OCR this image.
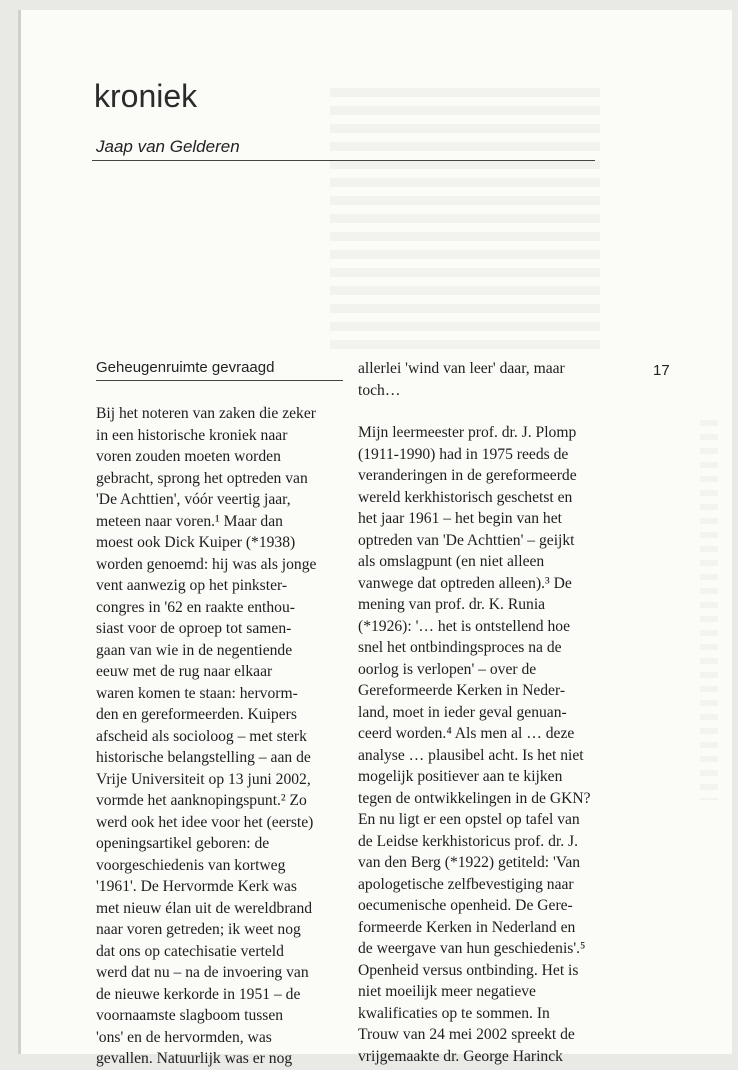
kroniek
Jaap van Gelderen
17
Geheugenruimte gevraagd
Bij het noteren van zaken die zeker
in een historische kroniek naar
voren zouden moeten worden
gebracht, sprong het optreden van
'De Achttien', vóór veertig jaar,
meteen naar voren.¹ Maar dan
moest ook Dick Kuiper (*1938)
worden genoemd: hij was als jonge
vent aanwezig op het pinkster-
congres in '62 en raakte enthou-
siast voor de oproep tot samen-
gaan van wie in de negentiende
eeuw met de rug naar elkaar
waren komen te staan: hervorm-
den en gereformeerden. Kuipers
afscheid als socioloog – met sterk
historische belangstelling – aan de
Vrije Universiteit op 13 juni 2002,
vormde het aanknopingspunt.² Zo
werd ook het idee voor het (eerste)
openingsartikel geboren: de
voorgeschiedenis van kortweg
'1961'. De Hervormde Kerk was
met nieuw élan uit de wereldbrand
naar voren getreden; ik weet nog
dat ons op catechisatie verteld
werd dat nu – na de invoering van
de nieuwe kerkorde in 1951 – de
voornaamste slagboom tussen
'ons' en de hervormden, was
gevallen. Natuurlijk was er nog
allerlei 'wind van leer' daar, maar
toch…
Mijn leermeester prof. dr. J. Plomp
(1911-1990) had in 1975 reeds de
veranderingen in de gereformeerde
wereld kerkhistorisch geschetst en
het jaar 1961 – het begin van het
optreden van 'De Achttien' – geijkt
als omslagpunt (en niet alleen
vanwege dat optreden alleen).³ De
mening van prof. dr. K. Runia
(*1926): '… het is ontstellend hoe
snel het ontbindingsproces na de
oorlog is verlopen' – over de
Gereformeerde Kerken in Neder-
land, moet in ieder geval genuan-
ceerd worden.⁴ Als men al … deze
analyse … plausibel acht. Is het niet
mogelijk positiever aan te kijken
tegen de ontwikkelingen in de GKN?
En nu ligt er een opstel op tafel van
de Leidse kerkhistoricus prof. dr. J.
van den Berg (*1922) getiteld: 'Van
apologetische zelfbevestiging naar
oecumenische openheid. De Gere-
formeerde Kerken in Nederland en
de weergave van hun geschiedenis'.⁵
Openheid versus ontbinding. Het is
niet moeilijk meer negatieve
kwalificaties op te sommen. In
Trouw van 24 mei 2002 spreekt de
vrijgemaakte dr. George Harinck
